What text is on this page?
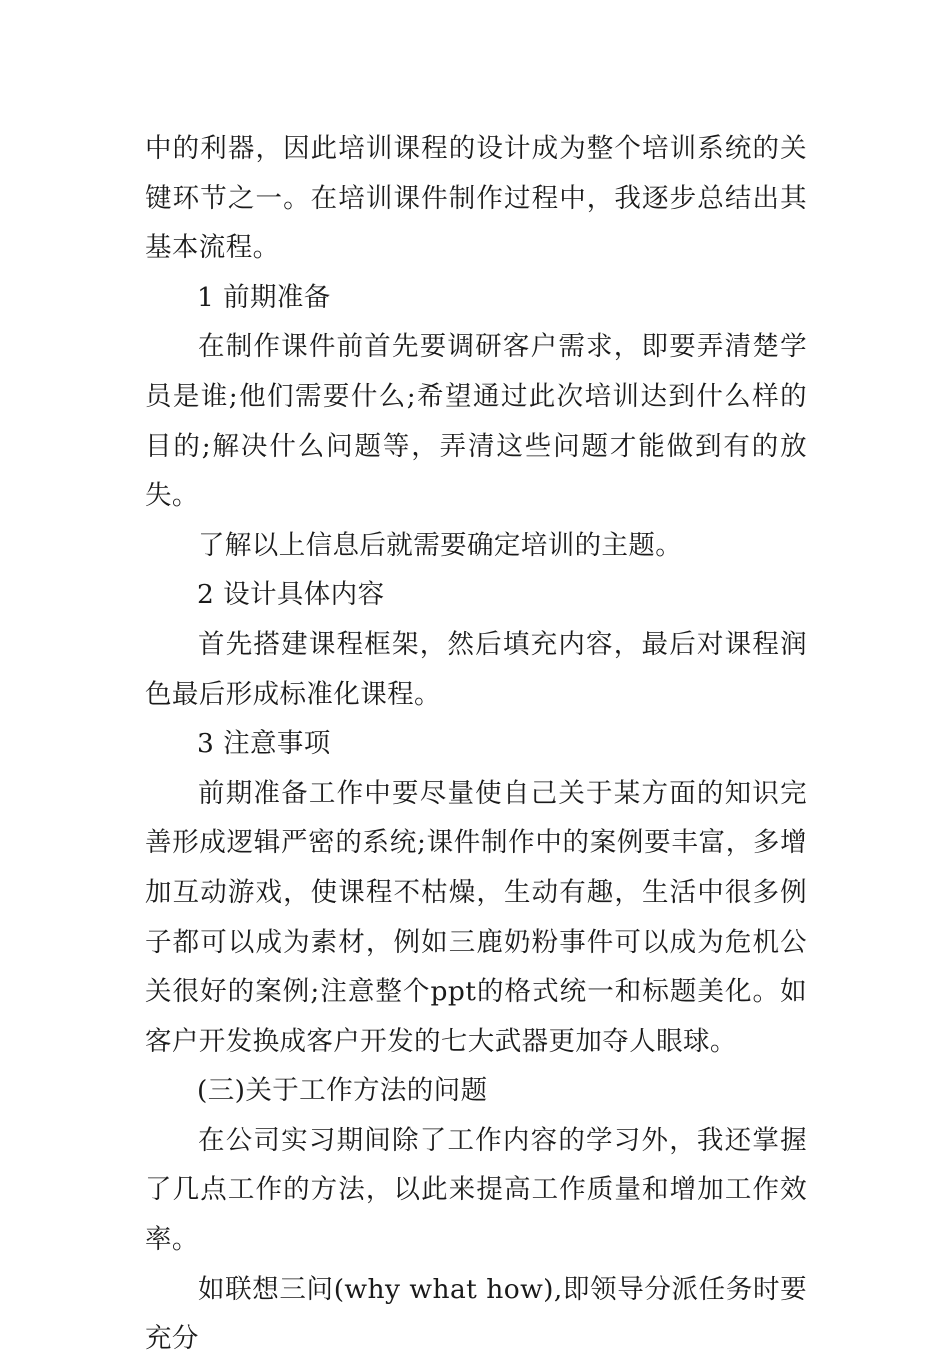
中的利器，因此培训课程的设计成为整个培训系统的关键环节之一。在培训课件制作过程中，我逐步总结出其基本流程。

1 前期准备

在制作课件前首先要调研客户需求，即要弄清楚学员是谁;他们需要什么;希望通过此次培训达到什么样的目的;解决什么问题等，弄清这些问题才能做到有的放失。

了解以上信息后就需要确定培训的主题。

2 设计具体内容

首先搭建课程框架，然后填充内容，最后对课程润色最后形成标准化课程。

3 注意事项

前期准备工作中要尽量使自己关于某方面的知识完善形成逻辑严密的系统;课件制作中的案例要丰富，多增加互动游戏，使课程不枯燥，生动有趣，生活中很多例子都可以成为素材，例如三鹿奶粉事件可以成为危机公关很好的案例;注意整个ppt的格式统一和标题美化。如客户开发换成客户开发的七大武器更加夺人眼球。

(三)关于工作方法的问题

在公司实习期间除了工作内容的学习外，我还掌握了几点工作的方法，以此来提高工作质量和增加工作效率。

如联想三问(why what how),即领导分派任务时要充分
